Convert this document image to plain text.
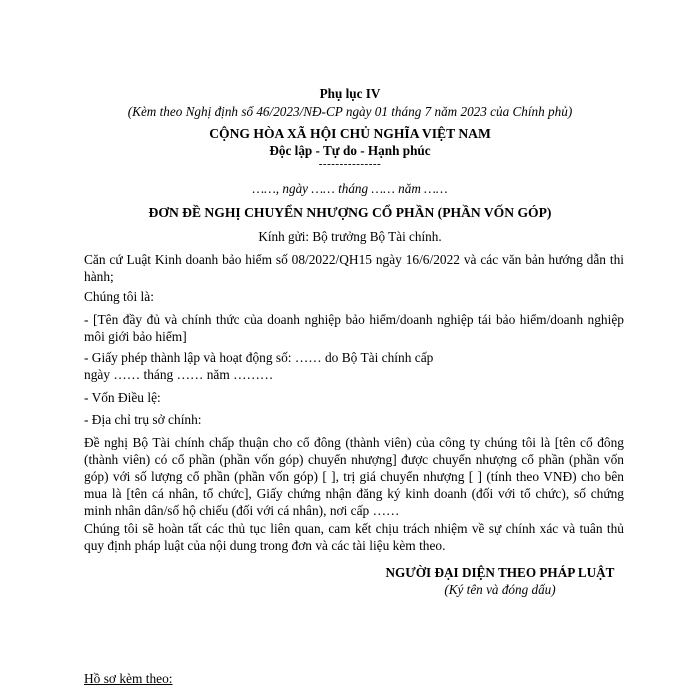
Phụ lục IV
(Kèm theo Nghị định số 46/2023/NĐ-CP ngày 01 tháng 7 năm 2023 của Chính phủ)
CỘNG HÒA XÃ HỘI CHỦ NGHĨA VIỆT NAM
Độc lập - Tự do - Hạnh phúc
---------------
……, ngày …… tháng …… năm ……
ĐƠN ĐỀ NGHỊ CHUYỂN NHƯỢNG CỔ PHẦN (PHẦN VỐN GÓP)
Kính gửi: Bộ trưởng Bộ Tài chính.
Căn cứ Luật Kinh doanh bảo hiểm số 08/2022/QH15 ngày 16/6/2022 và các văn bản hướng dẫn thi hành;
Chúng tôi là:
- [Tên đầy đủ và chính thức của doanh nghiệp bảo hiểm/doanh nghiệp tái bảo hiểm/doanh nghiệp môi giới bảo hiểm]
- Giấy phép thành lập và hoạt động số: …… do Bộ Tài chính cấp
ngày …… tháng …… năm ………
- Vốn Điều lệ:
- Địa chỉ trụ sở chính:
Đề nghị Bộ Tài chính chấp thuận cho cổ đông (thành viên) của công ty chúng tôi là [tên cổ đông (thành viên) có cổ phần (phần vốn góp) chuyển nhượng] được chuyển nhượng cổ phần (phần vốn góp) với số lượng cổ phần (phần vốn góp) [ ], trị giá chuyển nhượng [ ] (tính theo VNĐ) cho bên mua là [tên cá nhân, tổ chức], Giấy chứng nhận đăng ký kinh doanh (đối với tổ chức), số chứng minh nhân dân/số hộ chiếu (đối với cá nhân), nơi cấp ……
Chúng tôi sẽ hoàn tất các thủ tục liên quan, cam kết chịu trách nhiệm về sự chính xác và tuân thủ quy định pháp luật của nội dung trong đơn và các tài liệu kèm theo.
NGƯỜI ĐẠI DIỆN THEO PHÁP LUẬT
(Ký tên và đóng dấu)
Hồ sơ kèm theo:
